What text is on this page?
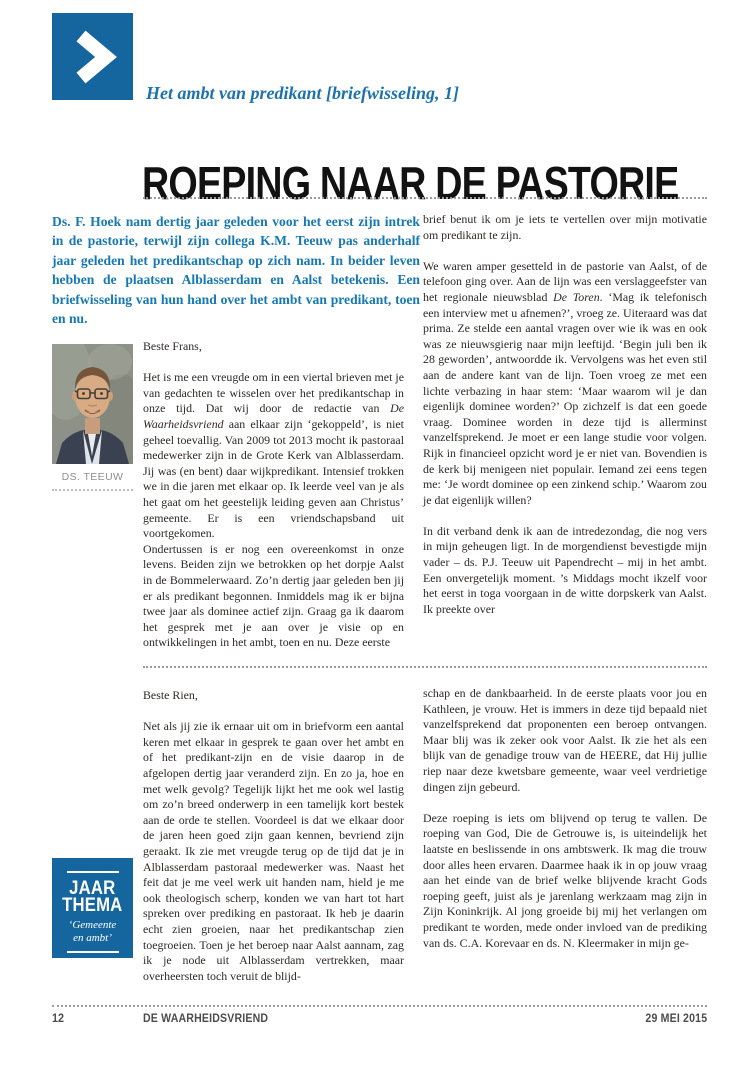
Het ambt van predikant [briefwisseling, 1]
ROEPING NAAR DE PASTORIE
Ds. F. Hoek nam dertig jaar geleden voor het eerst zijn intrek in de pastorie, terwijl zijn collega K.M. Teeuw pas anderhalf jaar geleden het predikantschap op zich nam. In beider leven hebben de plaatsen Alblasserdam en Aalst betekenis. Een briefwisseling van hun hand over het ambt van predikant, toen en nu.

brief benut ik om je iets te vertellen over mijn motivatie om predikant te zijn.

We waren amper gesetteld in de pastorie van Aalst, of de telefoon ging over. Aan de lijn was een verslaggeefster van het regionale nieuwsblad De Toren. ‘Mag ik telefonisch een interview met u afnemen?’, vroeg ze. Uiteraard was dat prima. Ze stelde een aantal vragen over wie ik was en ook was ze nieuwsgierig naar mijn leeftijd. ‘Begin juli ben ik 28 geworden’, antwoordde ik. Vervolgens was het even stil aan de andere kant van de lijn. Toen vroeg ze met een lichte verbazing in haar stem: ‘Maar waarom wil je dan eigenlijk dominee worden?’ Op zichzelf is dat een goede vraag. Dominee worden in deze tijd is allerminst vanzelfsprekend. Je moet er een lange studie voor volgen. Rijk in financieel opzicht word je er niet van. Bovendien is de kerk bij menigeen niet populair. Iemand zei eens tegen me: ‘Je wordt dominee op een zinkend schip.’ Waarom zou je dat eigenlijk willen?

In dit verband denk ik aan de intredezondag, die nog vers in mijn geheugen ligt. In de morgendienst bevestigde mijn vader – ds. P.J. Teeuw uit Papendrecht – mij in het ambt. Een onvergetelijk moment. ’s Middags mocht ikzelf voor het eerst in toga voorgaan in de witte dorpskerk van Aalst. Ik preekte over

DS. TEEUW

Beste Frans,

Het is me een vreugde om in een viertal brieven met je van gedachten te wisselen over het predikantschap in onze tijd. Dat wij door de redactie van De Waarheidsvriend aan elkaar zijn ‘gekoppeld’, is niet geheel toevallig. Van 2009 tot 2013 mocht ik pastoraal medewerker zijn in de Grote Kerk van Alblasserdam. Jij was (en bent) daar wijkpredikant. Intensief trokken we in die jaren met elkaar op. Ik leerde veel van je als het gaat om het geestelijk leiding geven aan Christus’ gemeente. Er is een vriendschapsband uit voortgekomen.

Ondertussen is er nog een overeenkomst in onze levens. Beiden zijn we betrokken op het dorpje Aalst in de Bommelerwaard. Zo’n dertig jaar geleden ben jij er als predikant begonnen. Inmiddels mag ik er bijna twee jaar als dominee actief zijn. Graag ga ik daarom het gesprek met je aan over je visie op en ontwikkelingen in het ambt, toen en nu. Deze eerste

Beste Rien,

Net als jij zie ik ernaar uit om in briefvorm een aantal keren met elkaar in gesprek te gaan over het ambt en of het predikant-zijn en de visie daarop in de afgelopen dertig jaar veranderd zijn. En zo ja, hoe en met welk gevolg? Tegelijk lijkt het me ook wel lastig om zo’n breed onderwerp in een tamelijk kort bestek aan de orde te stellen. Voordeel is dat we elkaar door de jaren heen goed zijn gaan kennen, bevriend zijn geraakt. Ik zie met vreugde terug op de tijd dat je in Alblasserdam pastoraal medewerker was. Naast het feit dat je me veel werk uit handen nam, hield je me ook theologisch scherp, konden we van hart tot hart spreken over prediking en pastoraat. Ik heb je daarin echt zien groeien, naar het predikantschap zien toegroeien. Toen je het beroep naar Aalst aannam, zag ik je node uit Alblasserdam vertrekken, maar overheersten toch veruit de blijd-

schap en de dankbaarheid. In de eerste plaats voor jou en Kathleen, je vrouw. Het is immers in deze tijd bepaald niet vanzelfsprekend dat proponenten een beroep ontvangen. Maar blij was ik zeker ook voor Aalst. Ik zie het als een blijk van de genadige trouw van de HEERE, dat Hij jullie riep naar deze kwetsbare gemeente, waar veel verdrietige dingen zijn gebeurd.

Deze roeping is iets om blijvend op terug te vallen. De roeping van God, Die de Getrouwe is, is uiteindelijk het laatste en beslissende in ons ambtswerk. Ik mag die trouw door alles heen ervaren. Daarmee haak ik in op jouw vraag aan het einde van de brief welke blijvende kracht Gods roeping geeft, juist als je jarenlang werkzaam mag zijn in Zijn Koninkrijk. Al jong groeide bij mij het verlangen om predikant te worden, mede onder invloed van de prediking van ds. C.A. Korevaar en ds. N. Kleermaker in mijn ge-

JAAR
THEMA
‘Gemeente
en ambt’
12	DE WAARHEIDSVRIEND	29 MEI 2015
